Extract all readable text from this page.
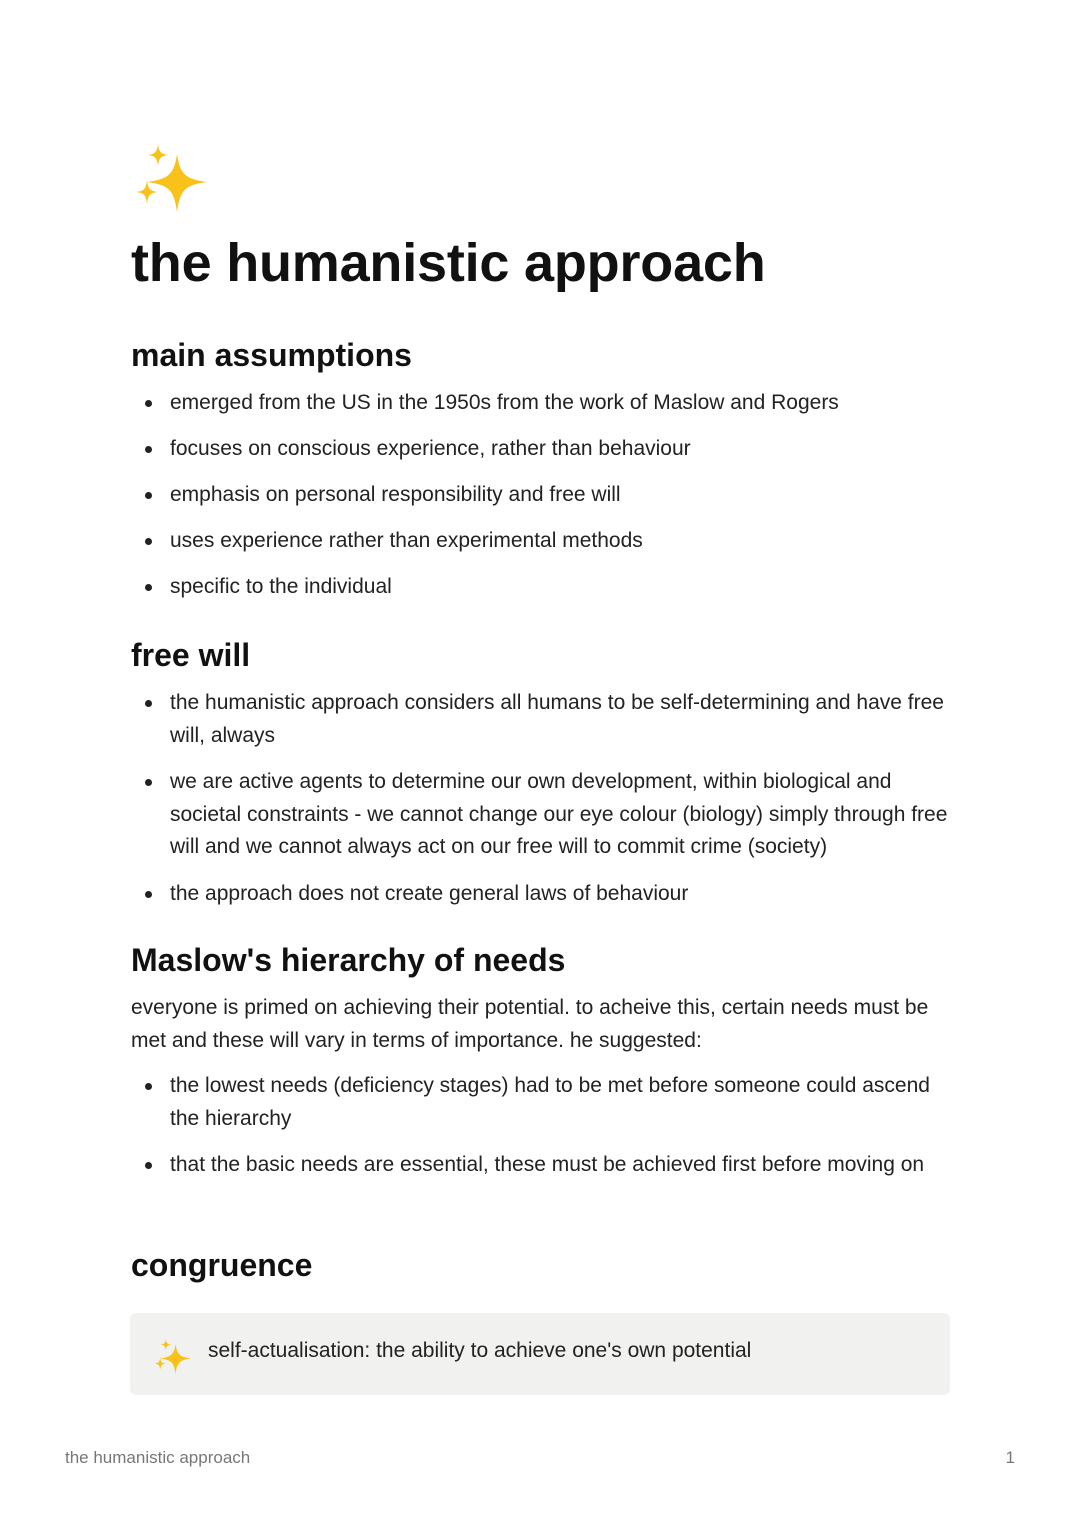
the humanistic approach
main assumptions
emerged from the US in the 1950s from the work of Maslow and Rogers
focuses on conscious experience, rather than behaviour
emphasis on personal responsibility and free will
uses experience rather than experimental methods
specific to the individual
free will
the humanistic approach considers all humans to be self-determining and have free will, always
we are active agents to determine our own development, within biological and societal constraints - we cannot change our eye colour (biology) simply through free will and we cannot always act on our free will to commit crime (society)
the approach does not create general laws of behaviour
Maslow's hierarchy of needs

everyone is primed on achieving their potential. to acheive this, certain needs must be met and these will vary in terms of importance. he suggested:

the lowest needs (deficiency stages) had to be met before someone could ascend the hierarchy
that the basic needs are essential, these must be achieved first before moving on
congruence
self-actualisation: the ability to achieve one's own potential
the humanistic approach	1
